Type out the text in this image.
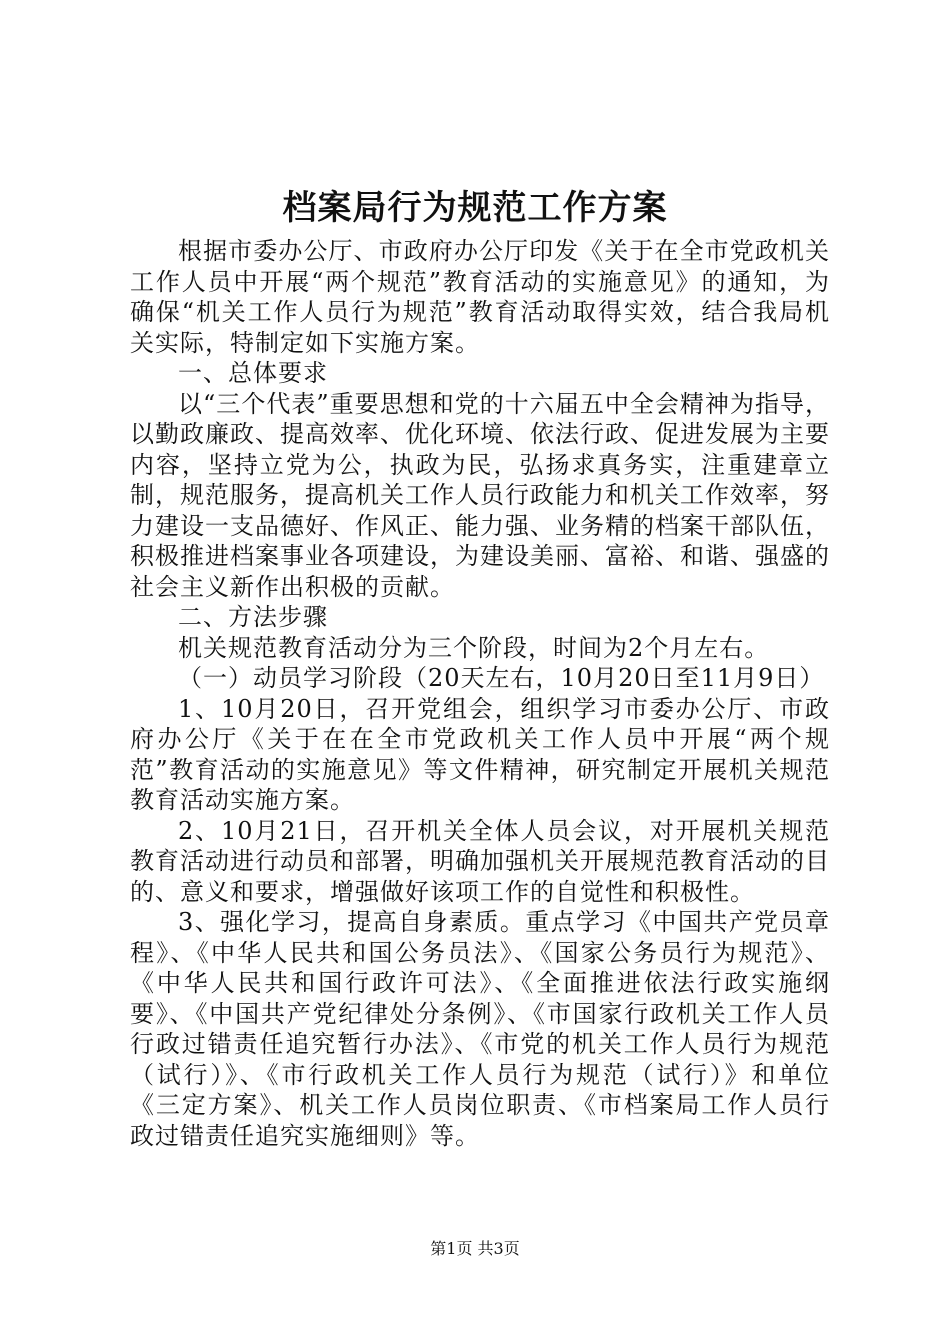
档案局行为规范工作方案

根据市委办公厅、市政府办公厅印发《关于在全市党政机关工作人员中开展“两个规范”教育活动的实施意见》的通知，为确保“机关工作人员行为规范”教育活动取得实效，结合我局机关实际，特制定如下实施方案。

一、总体要求

以“三个代表”重要思想和党的十六届五中全会精神为指导，以勤政廉政、提高效率、优化环境、依法行政、促进发展为主要内容，坚持立党为公，执政为民，弘扬求真务实，注重建章立制，规范服务，提高机关工作人员行政能力和机关工作效率，努力建设一支品德好、作风正、能力强、业务精的档案干部队伍，积极推进档案事业各项建设，为建设美丽、富裕、和谐、强盛的社会主义新作出积极的贡献。

二、方法步骤

机关规范教育活动分为三个阶段，时间为2个月左右。

（一）动员学习阶段（20天左右，10月20日至11月9日）

1、10月20日，召开党组会，组织学习市委办公厅、市政府办公厅《关于在在全市党政机关工作人员中开展“两个规范”教育活动的实施意见》等文件精神，研究制定开展机关规范教育活动实施方案。

2、10月21日，召开机关全体人员会议，对开展机关规范教育活动进行动员和部署，明确加强机关开展规范教育活动的目的、意义和要求，增强做好该项工作的自觉性和积极性。

3、强化学习，提高自身素质。重点学习《中国共产党员章程》、《中华人民共和国公务员法》、《国家公务员行为规范》、《中华人民共和国行政许可法》、《全面推进依法行政实施纲要》、《中国共产党纪律处分条例》、《市国家行政机关工作人员行政过错责任追究暂行办法》、《市党的机关工作人员行为规范（试行）》、《市行政机关工作人员行为规范（试行）》和单位《三定方案》、机关工作人员岗位职责、《市档案局工作人员行政过错责任追究实施细则》等。

第1页 共3页
